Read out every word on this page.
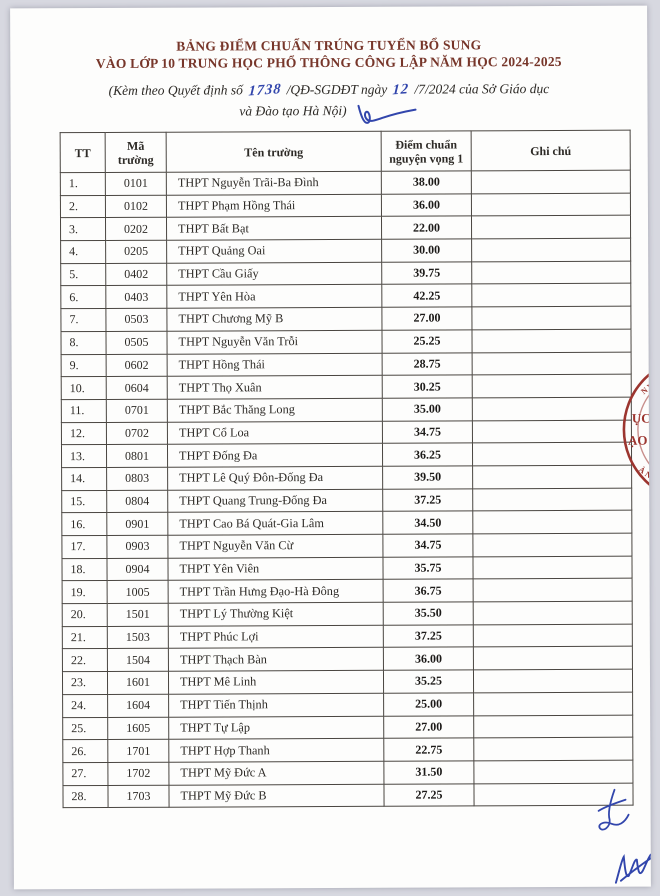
BẢNG ĐIỂM CHUẨN TRÚNG TUYỂN BỔ SUNG
VÀO LỚP 10 TRUNG HỌC PHỔ THÔNG CÔNG LẬP NĂM HỌC 2024-2025
(Kèm theo Quyết định số 1738 /QĐ-SGDĐT ngày 12 /7/2024 của Sở Giáo dục
và Đào tạo Hà Nội)
TT	Mã trường	Tên trường	Điểm chuẩn nguyện vọng 1	Ghi chú
1.	0101	THPT Nguyễn Trãi-Ba Đình	38.00	
2.	0102	THPT Phạm Hồng Thái	36.00	
3.	0202	THPT Bất Bạt	22.00	
4.	0205	THPT Quảng Oai	30.00	
5.	0402	THPT Cầu Giấy	39.75	
6.	0403	THPT Yên Hòa	42.25	
7.	0503	THPT Chương Mỹ B	27.00	
8.	0505	THPT Nguyễn Văn Trỗi	25.25	
9.	0602	THPT Hồng Thái	28.75	
10.	0604	THPT Thọ Xuân	30.25	
11.	0701	THPT Bắc Thăng Long	35.00	
12.	0702	THPT Cổ Loa	34.75	
13.	0801	THPT Đống Đa	36.25	
14.	0803	THPT Lê Quý Đôn-Đống Đa	39.50	
15.	0804	THPT Quang Trung-Đống Đa	37.25	
16.	0901	THPT Cao Bá Quát-Gia Lâm	34.50	
17.	0903	THPT Nguyễn Văn Cừ	34.75	
18.	0904	THPT Yên Viên	35.75	
19.	1005	THPT Trần Hưng Đạo-Hà Đông	36.75	
20.	1501	THPT Lý Thường Kiệt	35.50	
21.	1503	THPT Phúc Lợi	37.25	
22.	1504	THPT Thạch Bàn	36.00	
23.	1601	THPT Mê Linh	35.25	
24.	1604	THPT Tiến Thịnh	25.00	
25.	1605	THPT Tự Lập	27.00	
26.	1701	THPT Hợp Thanh	22.75	
27.	1702	THPT Mỹ Đức A	31.50	
28.	1703	THPT Mỹ Đức B	27.25	
N V
ỤC
ẠO
À N
